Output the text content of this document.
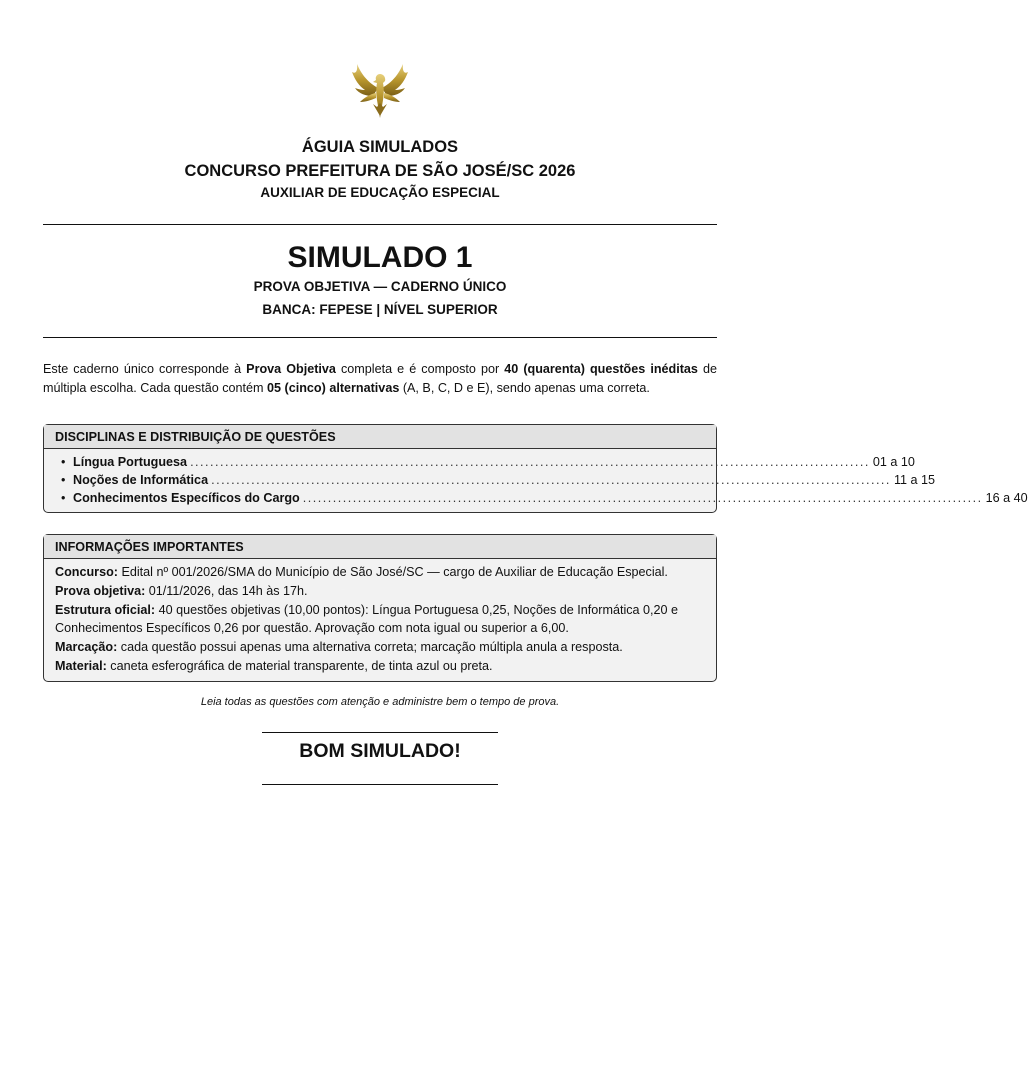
ÁGUIA SIMULADOS
CONCURSO PREFEITURA DE SÃO JOSÉ/SC 2026
AUXILIAR DE EDUCAÇÃO ESPECIAL
SIMULADO 1
PROVA OBJETIVA — CADERNO ÚNICO
BANCA: FEPESE | NÍVEL SUPERIOR
Este caderno único corresponde à Prova Objetiva completa e é composto por 40 (quarenta) questões inéditas de múltipla escolha. Cada questão contém 05 (cinco) alternativas (A, B, C, D e E), sendo apenas uma correta.
DISCIPLINAS E DISTRIBUIÇÃO DE QUESTÕES
• Língua Portuguesa ........................................................................................................................................ 01 a 10
• Noções de Informática ........................................................................................................................................ 11 a 15
• Conhecimentos Específicos do Cargo ........................................................................................................................................ 16 a 40
INFORMAÇÕES IMPORTANTES

Concurso: Edital nº 001/2026/SMA do Município de São José/SC — cargo de Auxiliar de Educação Especial.

Prova objetiva: 01/11/2026, das 14h às 17h.

Estrutura oficial: 40 questões objetivas (10,00 pontos): Língua Portuguesa 0,25, Noções de Informática 0,20 e Conhecimentos Específicos 0,26 por questão. Aprovação com nota igual ou superior a 6,00.

Marcação: cada questão possui apenas uma alternativa correta; marcação múltipla anula a resposta.

Material: caneta esferográfica de material transparente, de tinta azul ou preta.

Leia todas as questões com atenção e administre bem o tempo de prova.
BOM SIMULADO!
